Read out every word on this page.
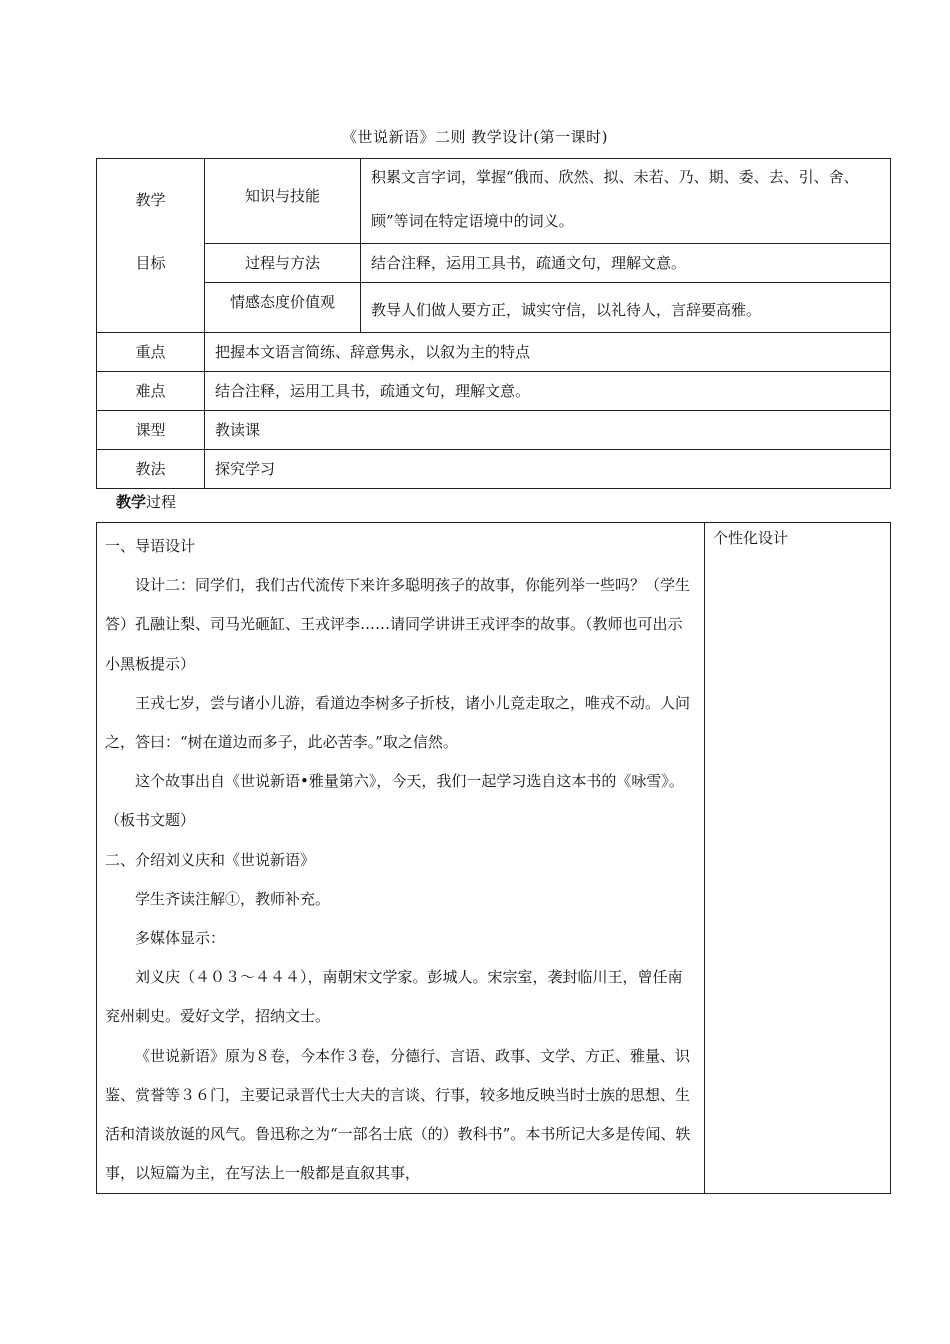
《世说新语》二则 教学设计(第一课时)
教学
目标	知识与技能	积累文言字词，掌握“俄而、欣然、拟、未若、乃、期、委、去、引、舍、顾”等词在特定语境中的词义。

	过程与方法	结合注释，运用工具书，疏通文句，理解文意。

	情感态度价值观	教导人们做人要方正，诚实守信，以礼待人，言辞要高雅。

重点	把握本文语言简练、辞意隽永，以叙为主的特点	

难点	结合注释，运用工具书，疏通文句，理解文意。	

课型	教读课	

教法	探究学习	
教学过程

一、导语设计

设计二：同学们，我们古代流传下来许多聪明孩子的故事，你能列举一些吗？（学生答）孔融让梨、司马光砸缸、王戎评李……请同学讲讲王戎评李的故事。（教师也可出示小黑板提示）

王戎七岁，尝与诸小儿游，看道边李树多子折枝，诸小儿竞走取之，唯戎不动。人问之，答曰：“树在道边而多子，此必苦李。”取之信然。

这个故事出自《世说新语•雅量第六》，今天，我们一起学习选自这本书的《咏雪》。（板书文题）

二、介绍刘义庆和《世说新语》

学生齐读注解①，教师补充。

多媒体显示：

刘义庆（４０３～４４４），南朝宋文学家。彭城人。宋宗室，袭封临川王，曾任南兖州刺史。爱好文学，招纳文士。

《世说新语》原为８卷，今本作３卷，分德行、言语、政事、文学、方正、雅量、识鉴、赏誉等３６门，主要记录晋代士大夫的言谈、行事，较多地反映当时士族的思想、生活和清谈放诞的风气。鲁迅称之为“一部名士底（的）教科书”。本书所记大多是传闻、轶事，以短篇为主，在写法上一般都是直叙其事，

个性化设计
